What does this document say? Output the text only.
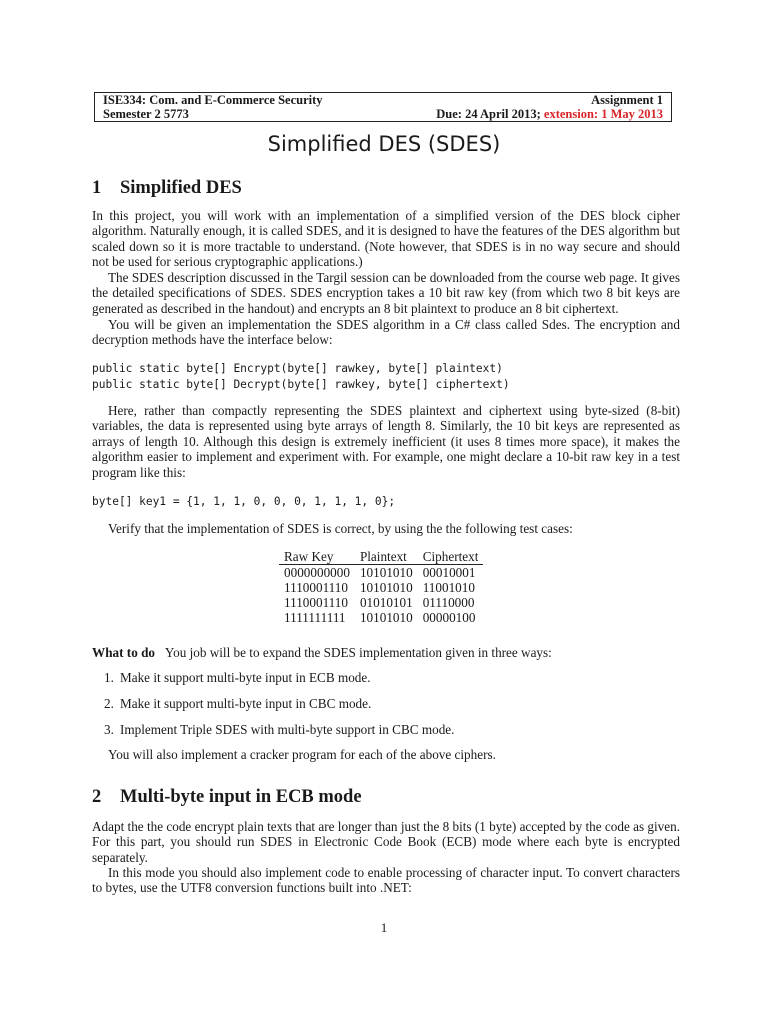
ISE334: Com. and E-Commerce Security	Assignment 1
Semester 2 5773	Due: 24 April 2013; extension: 1 May 2013
Simplified DES (SDES)
1 Simplified DES
In this project, you will work with an implementation of a simplified version of the DES block cipher algorithm. Naturally enough, it is called SDES, and it is designed to have the features of the DES algorithm but scaled down so it is more tractable to understand. (Note however, that SDES is in no way secure and should not be used for serious cryptographic applications.)
The SDES description discussed in the Targil session can be downloaded from the course web page. It gives the detailed specifications of SDES. SDES encryption takes a 10 bit raw key (from which two 8 bit keys are generated as described in the handout) and encrypts an 8 bit plaintext to produce an 8 bit ciphertext.
You will be given an implementation the SDES algorithm in a C# class called Sdes. The encryption and decryption methods have the interface below:
public static byte[] Encrypt(byte[] rawkey, byte[] plaintext)
public static byte[] Decrypt(byte[] rawkey, byte[] ciphertext)
Here, rather than compactly representing the SDES plaintext and ciphertext using byte-sized (8-bit) variables, the data is represented using byte arrays of length 8. Similarly, the 10 bit keys are represented as arrays of length 10. Although this design is extremely inefficient (it uses 8 times more space), it makes the algorithm easier to implement and experiment with. For example, one might declare a 10-bit raw key in a test program like this:
byte[] key1 = {1, 1, 1, 0, 0, 0, 1, 1, 1, 0};
Verify that the implementation of SDES is correct, by using the the following test cases:
Raw Key	Plaintext	Ciphertext
0000000000	10101010	00010001
1110001110	10101010	11001010
1110001110	01010101	01110000
1111111111	10101010	00000100
What to do You job will be to expand the SDES implementation given in three ways:
1. Make it support multi-byte input in ECB mode.
2. Make it support multi-byte input in CBC mode.
3. Implement Triple SDES with multi-byte support in CBC mode.
You will also implement a cracker program for each of the above ciphers.
2 Multi-byte input in ECB mode
Adapt the the code encrypt plain texts that are longer than just the 8 bits (1 byte) accepted by the code as given. For this part, you should run SDES in Electronic Code Book (ECB) mode where each byte is encrypted separately.
In this mode you should also implement code to enable processing of character input. To convert characters to bytes, use the UTF8 conversion functions built into .NET:
1
